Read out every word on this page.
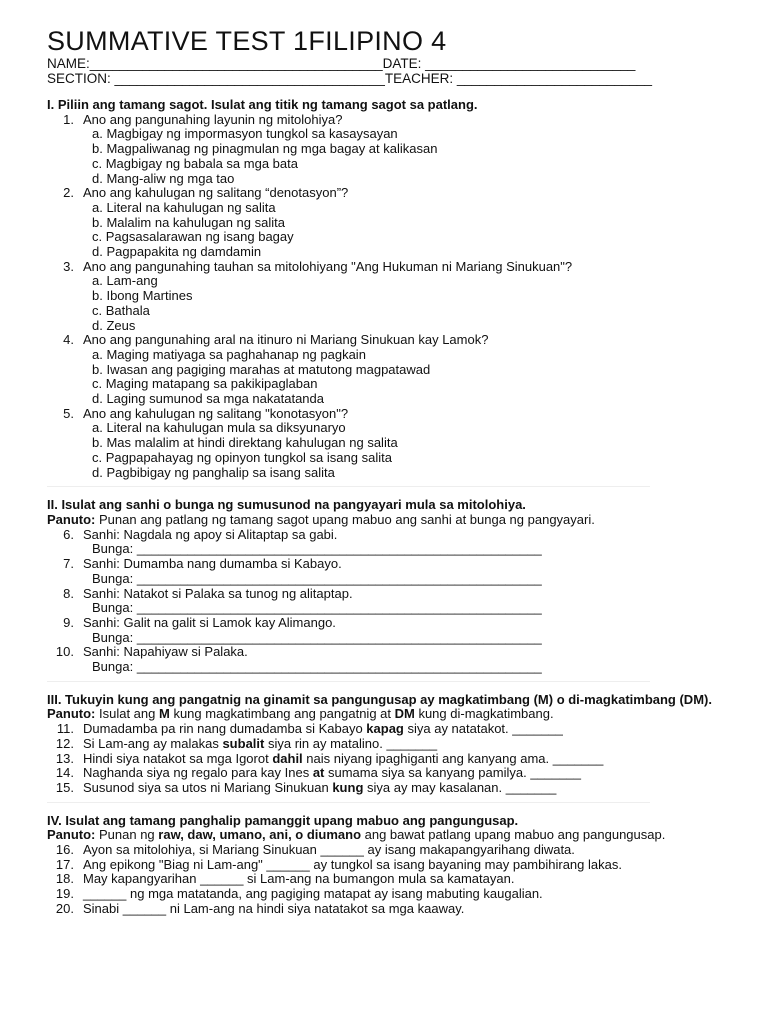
SUMMATIVE TEST 1FILIPINO 4
NAME:_______________________________________DATE: ____________________________
SECTION: ____________________________________TEACHER: __________________________
I. Piliin ang tamang sagot. Isulat ang titik ng tamang sagot sa patlang.
1. Ano ang pangunahing layunin ng mitolohiya?
a. Magbigay ng impormasyon tungkol sa kasaysayan
b. Magpaliwanag ng pinagmulan ng mga bagay at kalikasan
c. Magbigay ng babala sa mga bata
d. Mang-aliw ng mga tao
2. Ano ang kahulugan ng salitang “denotasyon”?
a. Literal na kahulugan ng salita
b. Malalim na kahulugan ng salita
c. Pagsasalarawan ng isang bagay
d. Pagpapakita ng damdamin
3. Ano ang pangunahing tauhan sa mitolohiyang "Ang Hukuman ni Mariang Sinukuan"?
a. Lam-ang
b. Ibong Martines
c. Bathala
d. Zeus
4. Ano ang pangunahing aral na itinuro ni Mariang Sinukuan kay Lamok?
a. Maging matiyaga sa paghahanap ng pagkain
b. Iwasan ang pagiging marahas at matutong magpatawad
c. Maging matapang sa pakikipaglaban
d. Laging sumunod sa mga nakatatanda
5. Ano ang kahulugan ng salitang "konotasyon"?
a. Literal na kahulugan mula sa diksyunaryo
b. Mas malalim at hindi direktang kahulugan ng salita
c. Pagpapahayag ng opinyon tungkol sa isang salita
d. Pagbibigay ng panghalip sa isang salita
II. Isulat ang sanhi o bunga ng sumusunod na pangyayari mula sa mitolohiya.
Panuto: Punan ang patlang ng tamang sagot upang mabuo ang sanhi at bunga ng pangyayari.
6. Sanhi: Nagdala ng apoy si Alitaptap sa gabi.
Bunga: ________________________________________________________
7. Sanhi: Dumamba nang dumamba si Kabayo.
Bunga: ________________________________________________________
8. Sanhi: Natakot si Palaka sa tunog ng alitaptap.
Bunga: ________________________________________________________
9. Sanhi: Galit na galit si Lamok kay Alimango.
Bunga: ________________________________________________________
10. Sanhi: Napahiyaw si Palaka.
Bunga: ________________________________________________________
III. Tukuyin kung ang pangatnig na ginamit sa pangungusap ay magkatimbang (M) o di-magkatimbang (DM).
Panuto: Isulat ang M kung magkatimbang ang pangatnig at DM kung di-magkatimbang.
11. Dumadamba pa rin nang dumadamba si Kabayo kapag siya ay natatakot. _______
12. Si Lam-ang ay malakas subalit siya rin ay matalino. _______
13. Hindi siya natakot sa mga Igorot dahil nais niyang ipaghiganti ang kanyang ama. _______
14. Naghanda siya ng regalo para kay Ines at sumama siya sa kanyang pamilya. _______
15. Susunod siya sa utos ni Mariang Sinukuan kung siya ay may kasalanan. _______
IV. Isulat ang tamang panghalip pamanggit upang mabuo ang pangungusap.
Panuto: Punan ng raw, daw, umano, ani, o diumano ang bawat patlang upang mabuo ang pangungusap.
16. Ayon sa mitolohiya, si Mariang Sinukuan ______ ay isang makapangyarihang diwata.
17. Ang epikong "Biag ni Lam-ang" ______ ay tungkol sa isang bayaning may pambihirang lakas.
18. May kapangyarihan ______ si Lam-ang na bumangon mula sa kamatayan.
19. ______ ng mga matatanda, ang pagiging matapat ay isang mabuting kaugalian.
20. Sinabi ______ ni Lam-ang na hindi siya natatakot sa mga kaaway.
